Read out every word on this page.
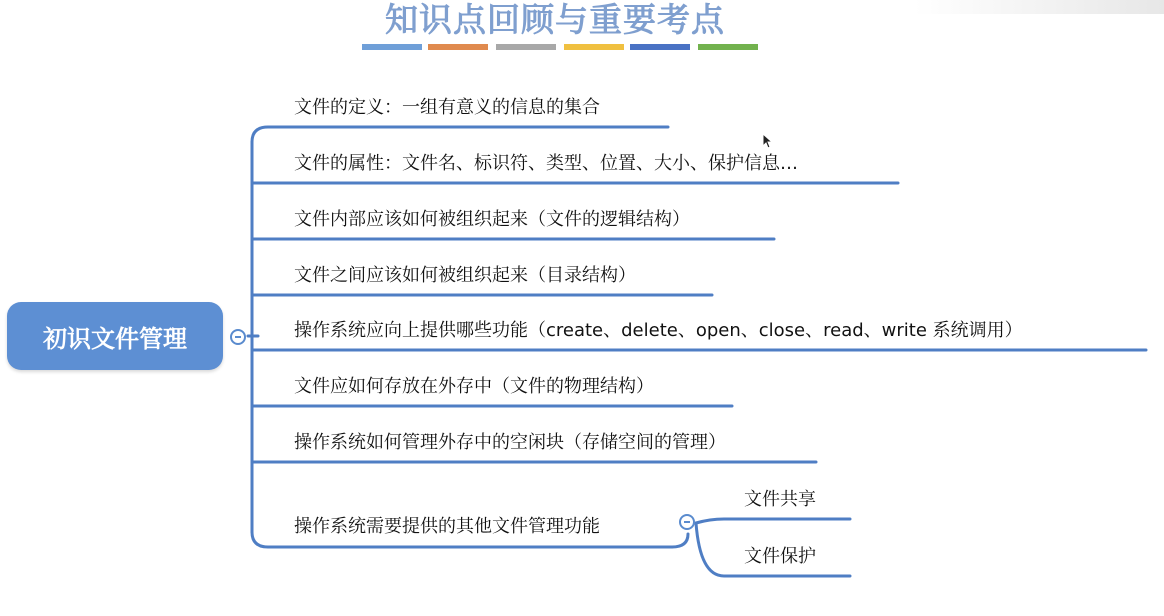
知识点回顾与重要考点
初识文件管理
文件的定义：一组有意义的信息的集合
文件的属性：文件名、标识符、类型、位置、大小、保护信息…
文件内部应该如何被组织起来（文件的逻辑结构）
文件之间应该如何被组织起来（目录结构）
操作系统应向上提供哪些功能（create、delete、open、close、read、write 系统调用）
文件应如何存放在外存中（文件的物理结构）
操作系统如何管理外存中的空闲块（存储空间的管理）
操作系统需要提供的其他文件管理功能
文件共享
文件保护
